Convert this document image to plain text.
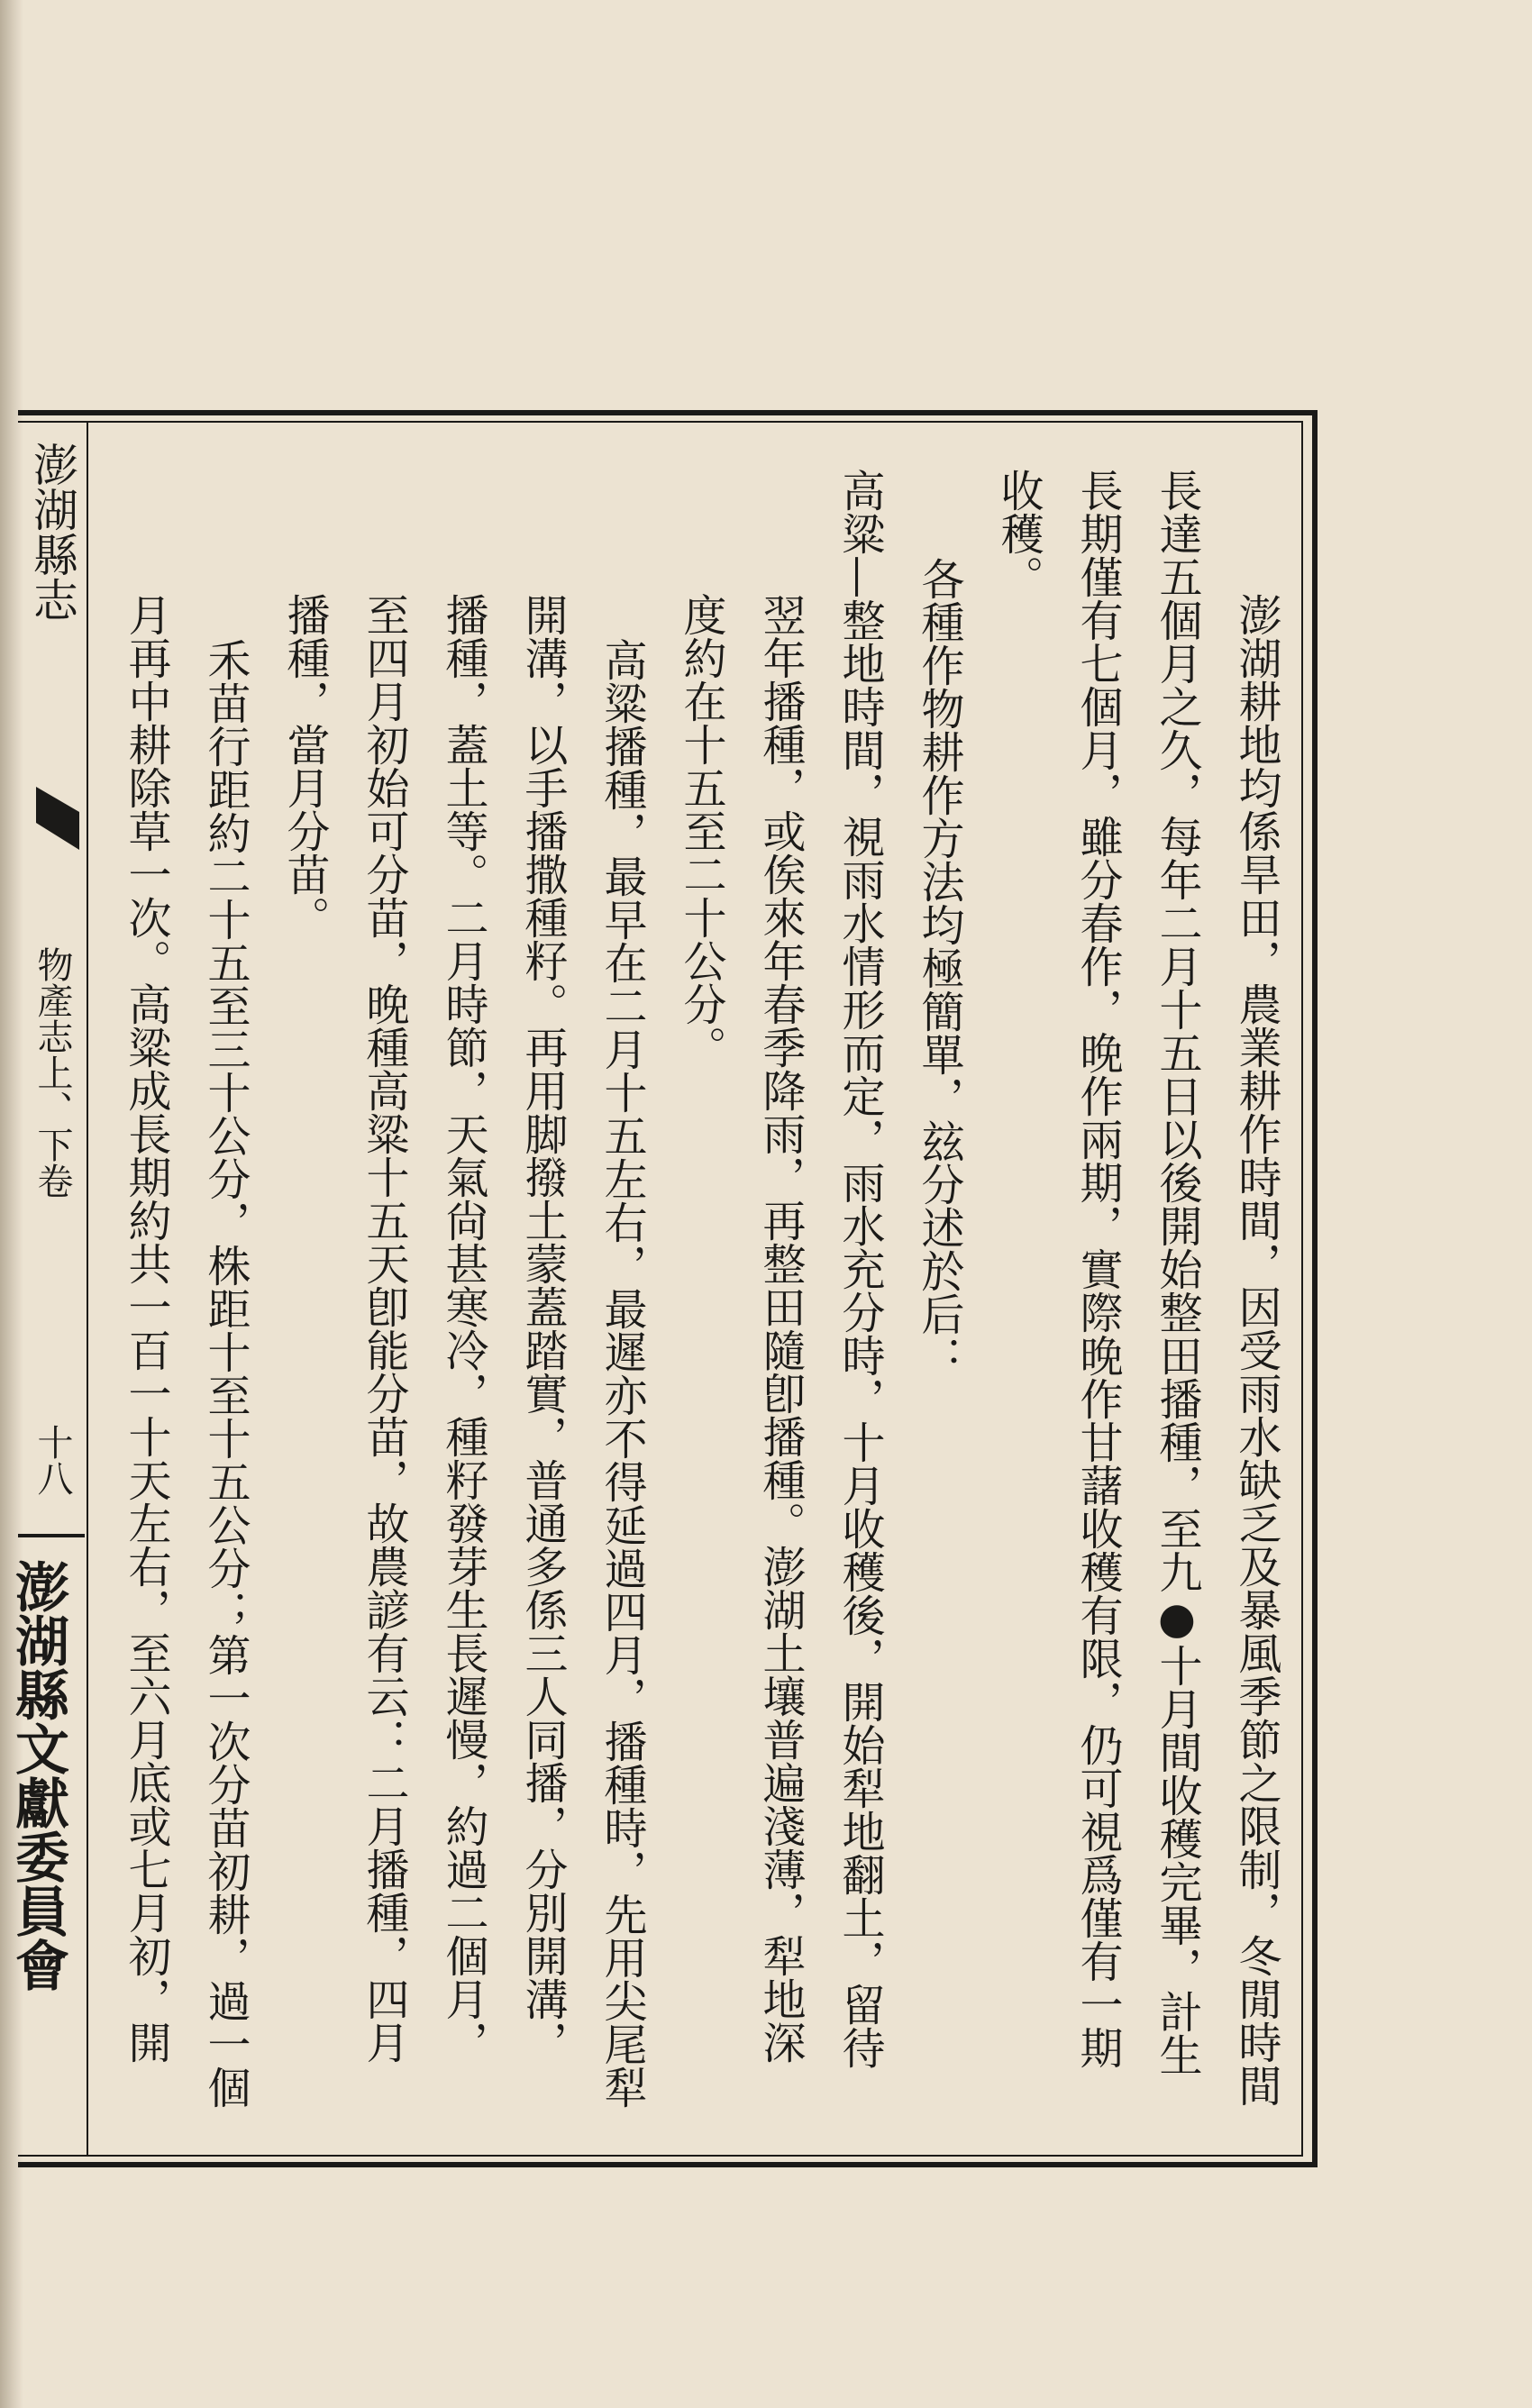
澎湖縣志
物產志上、下卷
十八
澎湖縣文獻委員會	　澎湖耕地均係旱田，農業耕作時間，因受雨水缺乏及暴風季節之限制，冬閒時間
長達五個月之久，每年二月十五日以後開始整田播種，至九●十月間收穫完畢，計生
長期僅有七個月，雖分春作，晚作兩期，實際晚作甘藷收穫有限，仍可視爲僅有一期
收穫。
　各種作物耕作方法均極簡單，玆分述於后：
高粱—整地時間，視雨水情形而定，雨水充分時，十月收穫後，開始犁地翻土，留待
　翌年播種，或俟來年春季降雨，再整田隨卽播種。澎湖土壤普遍淺薄，犁地深
　度約在十五至二十公分。
　高粱播種，最早在二月十五左右，最遲亦不得延過四月，播種時，先用尖尾犁
　開溝，以手播撒種籽。再用脚撥土蒙蓋踏實，普通多係三人同播，分別開溝，
　播種，蓋土等。二月時節，天氣尙甚寒冷，種籽發芽生長遲慢，約過二個月，
　至四月初始可分苗，晚種高粱十五天卽能分苗，故農諺有云：二月播種，四月
　播種，當月分苗。
　禾苗行距約二十五至三十公分，株距十至十五公分；第一次分苗初耕，過一個
　月再中耕除草一次。高粱成長期約共一百一十天左右，至六月底或七月初，開
